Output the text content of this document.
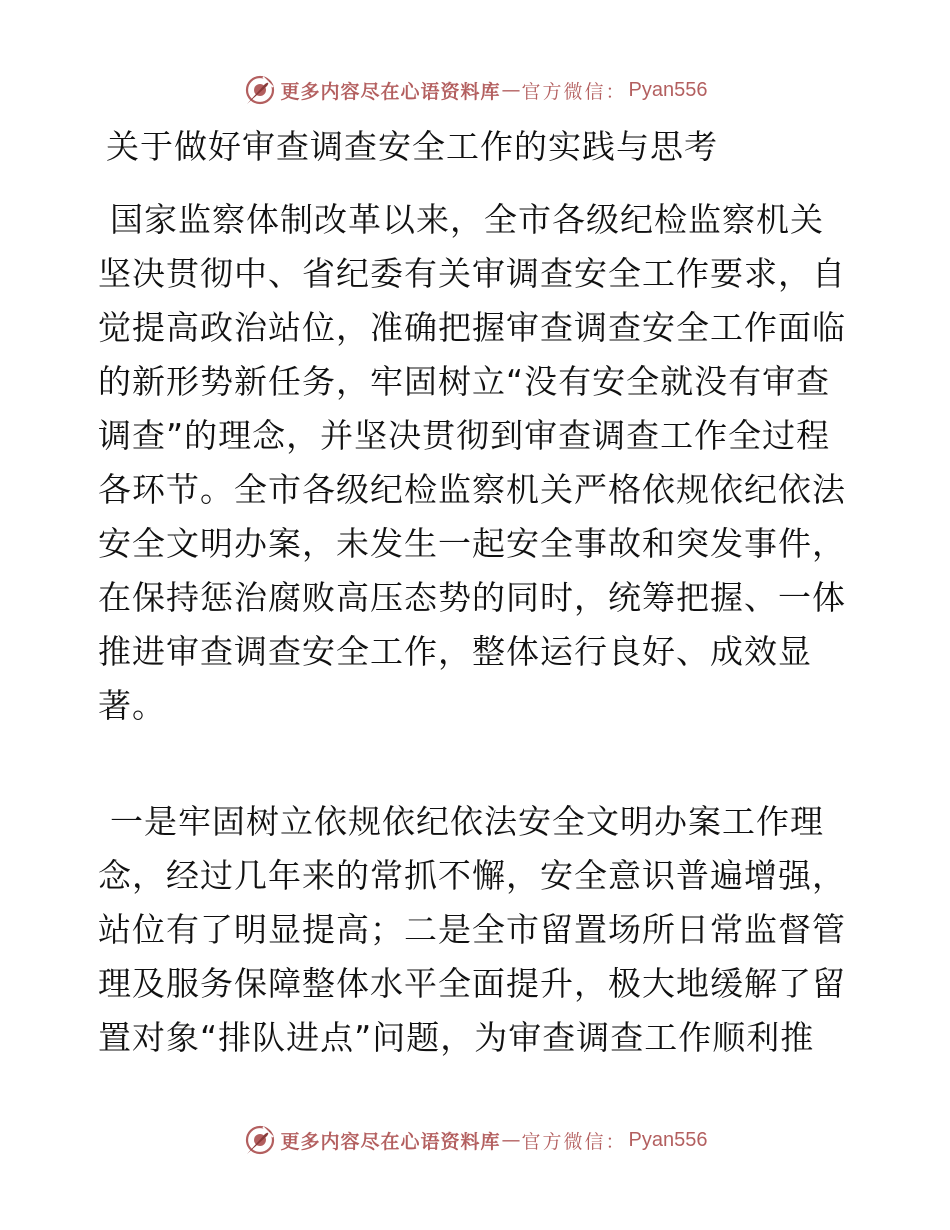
更多内容尽在心语资料库 — 官方微信： Pyan556
关于做好审查调查安全工作的实践与思考

国家监察体制改革以来，全市各级纪检监察机关坚决贯彻中、省纪委有关审调查安全工作要求，自觉提高政治站位，准确把握审查调查安全工作面临的新形势新任务，牢固树立“没有安全就没有审查调查”的理念，并坚决贯彻到审查调查工作全过程各环节。全市各级纪检监察机关严格依规依纪依法安全文明办案，未发生一起安全事故和突发事件，在保持惩治腐败高压态势的同时，统筹把握、一体推进审查调查安全工作，整体运行良好、成效显著。

一是牢固树立依规依纪依法安全文明办案工作理念，经过几年来的常抓不懈，安全意识普遍增强，站位有了明显提高；二是全市留置场所日常监督管理及服务保障整体水平全面提升，极大地缓解了留置对象“排队进点”问题，为审查调查工作顺利推

更多内容尽在心语资料库 — 官方微信： Pyan556
